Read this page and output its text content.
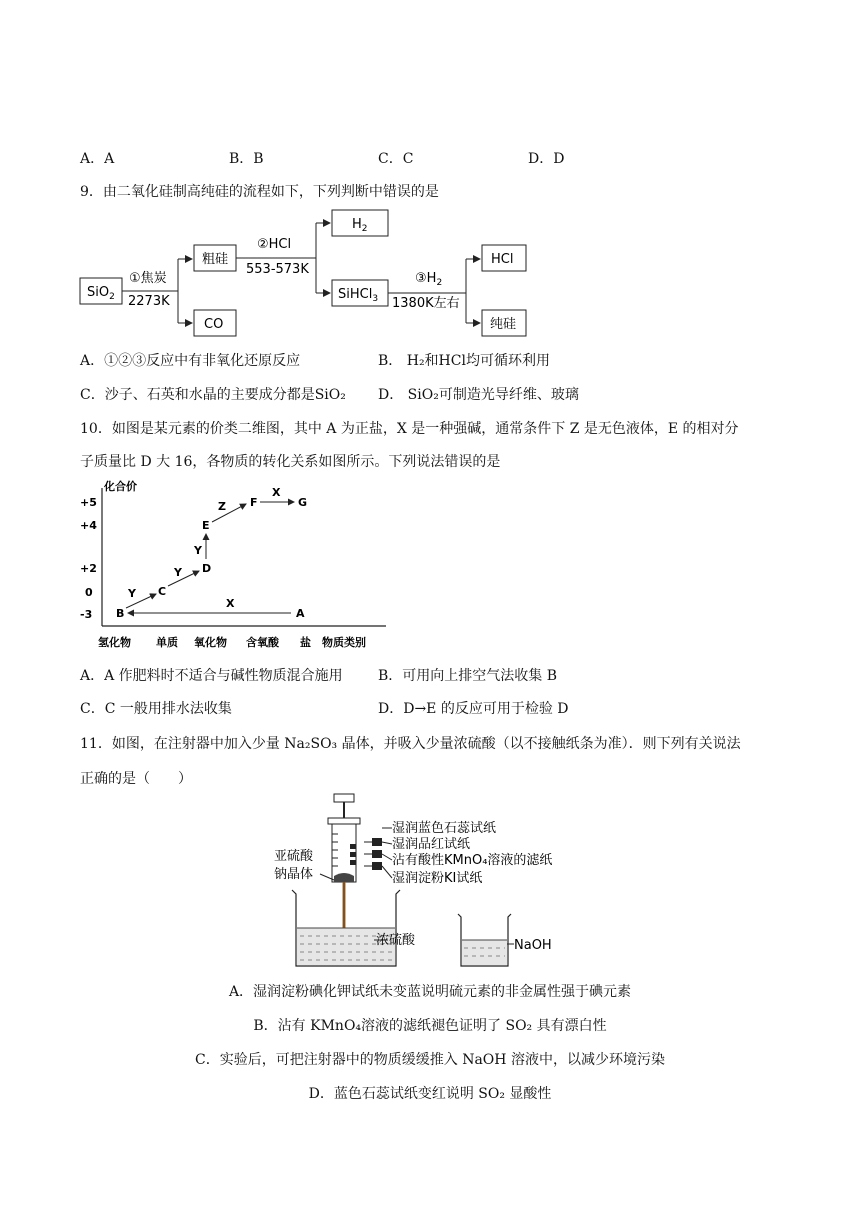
A．A	B．B	C．C	D．D
9．由二氧化硅制高纯硅的流程如下，下列判断中错误的是
SiO$_2$
①焦炭
2273K
粗硅
CO
②HCl
553-573K
$H_2$
SiHCl$_3$
$③H_2$
1380K左右
HCl
纯硅
A．①②③反应中有非氧化还原反应	B． H₂和HCl均可循环利用
C．沙子、石英和水晶的主要成分都是SiO₂ D． SiO₂可制造光导纤维、玻璃
10．如图是某元素的价类二维图，其中 A 为正盐，X 是一种强碱，通常条件下 Z 是无色液体，E 的相对分
子质量比 D 大 16，各物质的转化关系如图所示。下列说法错误的是
化合价
+5
+4
+2
0
-3
氢化物 单质 氧化物 含氧酸 盐 物质类别
B	A
C
D
E
F	G
X
Y
Y
Y
Z
X
A．A 作肥料时不适合与碱性物质混合施用	B．可用向上排空气法收集 B
C．C 一般用排水法收集	D．D→E 的反应可用于检验 D
11．如图，在注射器中加入少量 Na₂SO₃ 晶体，并吸入少量浓硫酸（以不接触纸条为准）．则下列有关说法
正确的是（　　）
湿润蓝色石蕊试纸
湿润品红试纸
沾有酸性KMnO₄溶液的滤纸
湿润淀粉KI试纸
亚硫酸
钠晶体
浓硫酸	NaOH
A．湿润淀粉碘化钾试纸未变蓝说明硫元素的非金属性强于碘元素
B．沾有 KMnO₄溶液的滤纸褪色证明了 SO₂ 具有漂白性
C．实验后，可把注射器中的物质缓缓推入 NaOH 溶液中，以减少环境污染
D．蓝色石蕊试纸变红说明 SO₂ 显酸性
